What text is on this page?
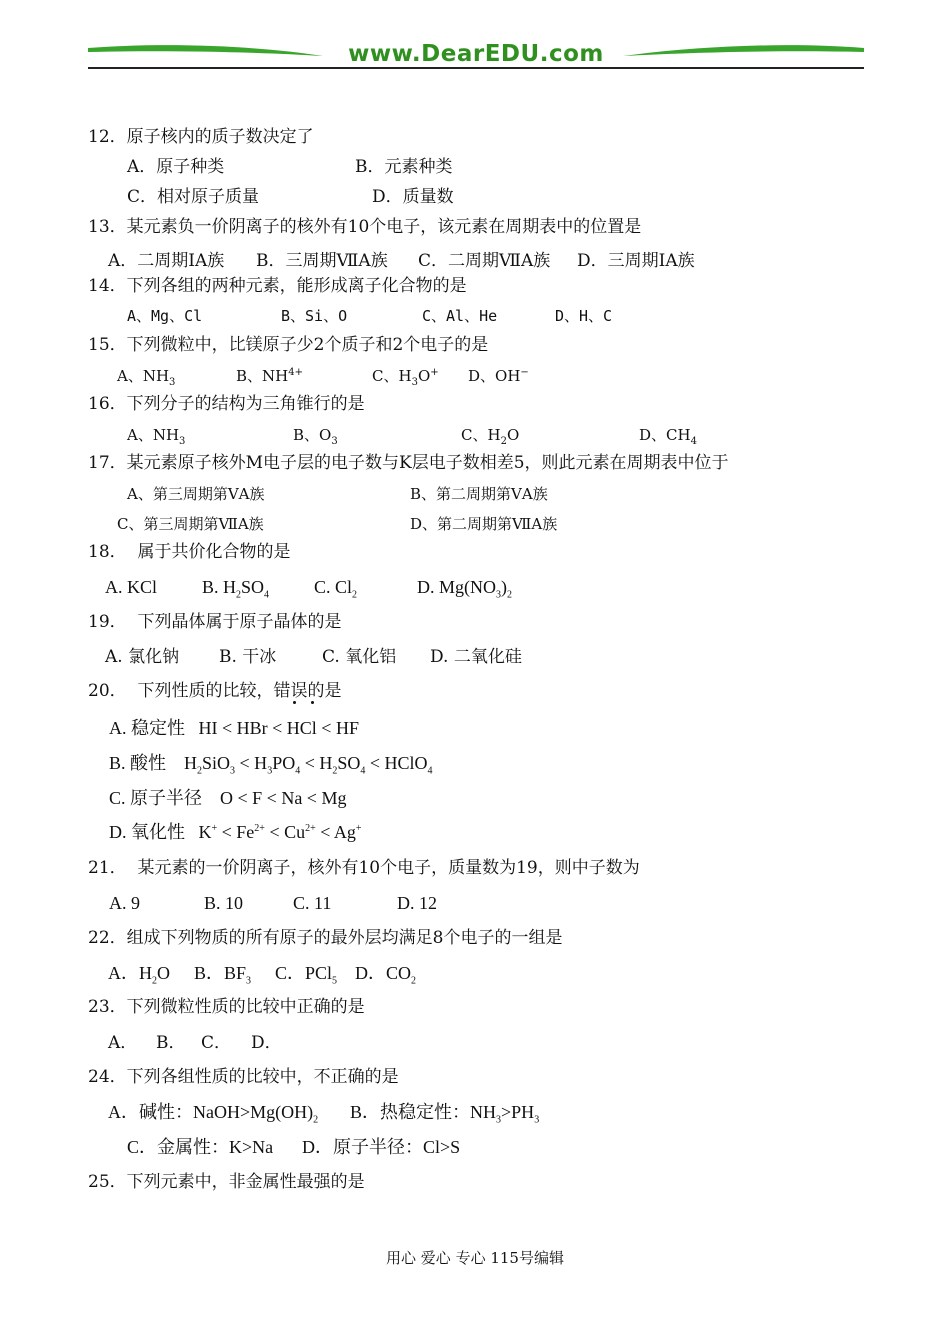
www.DearEDU.com
12．原子核内的质子数决定了
A．原子种类	B．元素种类
C．相对原子质量	D．质量数
13．某元素负一价阴离子的核外有10个电子，该元素在周期表中的位置是
A．二周期IA族 B．三周期ⅦA族 C．二周期ⅦA族 D．三周期IA族
14．下列各组的两种元素，能形成离子化合物的是
A、Mg、Cl	B、Si、O	C、Al、He	D、H、C
15．下列微粒中，比镁原子少2个质子和2个电子的是
A、$NH_3$	B、$NH^{4+}$	C、$H_3O^+$ D、OH−
16．下列分子的结构为三角锥行的是
A、$NH_3$	B、$O_3$	C、$H_2O$	D、$CH_4$
17．某元素原子核外M电子层的电子数与K层电子数相差5，则此元素在周期表中位于
A、第三周期第ⅤA族	B、第二周期第ⅤA族
C、第三周期第ⅦA族	D、第二周期第ⅦA族
18．  属于共价化合物的是
A. KCl B. $H_2SO_4$ C. $Cl_2$	D. $Mg(NO_3)_2$
19．  下列晶体属于原子晶体的是
A. 氯化钠 B. 干冰	C. 氧化铝 D. 二氧化硅
20．  下列性质的比较，错误的是
A. 稳定性   HI < HBr < HCl < HF
B. 酸性    $H_2SiO_3 < H_3PO_4 < H_2SO_4$ < HClO$_4$
C. 原子半径    O < F < Na < Mg
D. 氧化性   $K^+ < Fe^{2+} < Cu^{2+} < Ag^+$
21．  某元素的一价阴离子，核外有10个电子，质量数为19，则中子数为
A. 9	B. 10	C. 11	D. 12
22．组成下列物质的所有原子的最外层均满足8个电子的一组是
A．$H_2O$ B．$BF_3$ C．PCl$_5$ D．$CO_2$
23．下列微粒性质的比较中正确的是
A． B． C． D．
24．下列各组性质的比较中，不正确的是
A．碱性：$NaOH>Mg(OH)_2$ B．热稳定性：$NH_3>PH_3$
C．金属性：K>Na D．原子半径：Cl>S
25．下列元素中，非金属性最强的是
用心 爱心 专心 115号编辑
